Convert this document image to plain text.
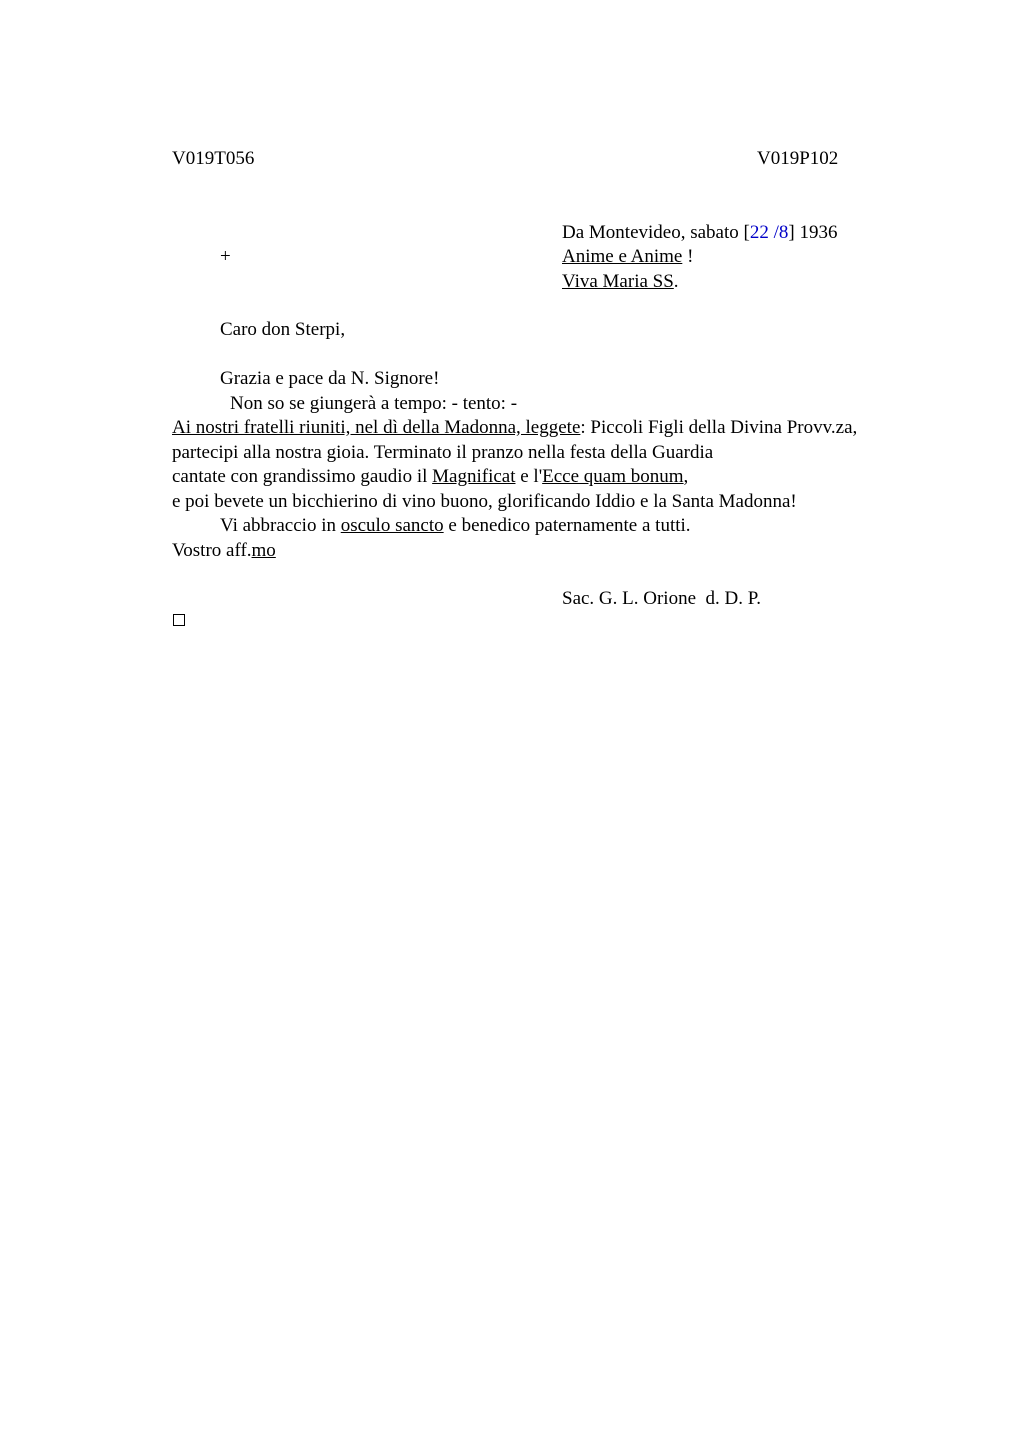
V019T056	V019P102
Da Montevideo, sabato [22 /8] 1936
+	Anime e Anime !
Viva Maria SS.
Caro don Sterpi,
Grazia e pace da N. Signore!
Non so se giungerà a tempo: - tento: -
Ai nostri fratelli riuniti, nel dì della Madonna, leggete: Piccoli Figli della Divina Provv.za,
partecipi alla nostra gioia. Terminato il pranzo nella festa della Guardia
cantate con grandissimo gaudio il Magnificat e l'Ecce quam bonum,
e poi bevete un bicchierino di vino buono, glorificando Iddio e la Santa Madonna!
Vi abbraccio in osculo sancto e benedico paternamente a tutti.
Vostro aff.mo
Sac. G. L. Orione  d. D. P.
